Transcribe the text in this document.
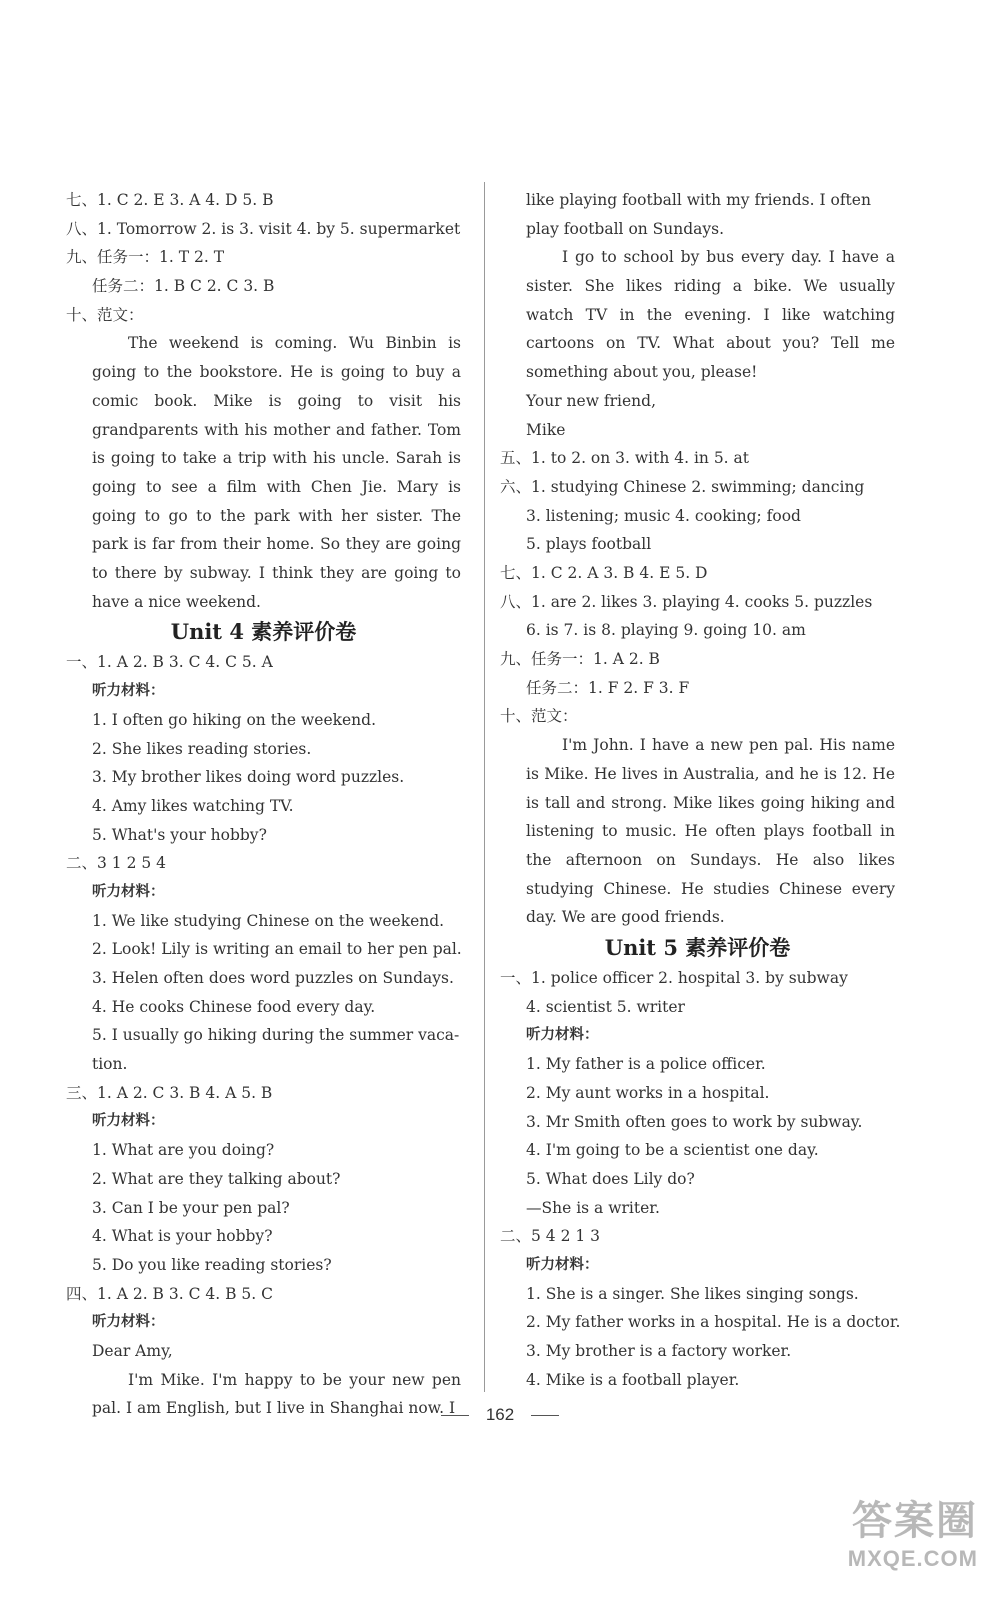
七、1. C 2. E 3. A 4. D 5. B
八、1. Tomorrow 2. is 3. visit 4. by 5. supermarket
九、任务一：1. T 2. T
任务二：1. B C 2. C 3. B
十、范文：
The weekend is coming. Wu Binbin is going to the bookstore. He is going to buy a comic book. Mike is going to visit his grandparents with his mother and father. Tom is going to take a trip with his uncle. Sarah is going to see a film with Chen Jie. Mary is going to go to the park with her sister. The park is far from their home. So they are going to there by subway. I think they are going to have a nice weekend.
Unit 4 素养评价卷
一、1. A 2. B 3. C 4. C 5. A
听力材料：
1. I often go hiking on the weekend.
2. She likes reading stories.
3. My brother likes doing word puzzles.
4. Amy likes watching TV.
5. What's your hobby?
二、3 1 2 5 4
听力材料：
1. We like studying Chinese on the weekend.
2. Look! Lily is writing an email to her pen pal.
3. Helen often does word puzzles on Sundays.
4. He cooks Chinese food every day.
5. I usually go hiking during the summer vaca-
tion.
三、1. A 2. C 3. B 4. A 5. B
听力材料：
1. What are you doing?
2. What are they talking about?
3. Can I be your pen pal?
4. What is your hobby?
5. Do you like reading stories?
四、1. A 2. B 3. C 4. B 5. C
听力材料：
Dear Amy,
I'm Mike. I'm happy to be your new pen pal. I am English, but I live in Shanghai now. I
like playing football with my friends. I often
play football on Sundays.
I go to school by bus every day. I have a sister. She likes riding a bike. We usually watch TV in the evening. I like watching cartoons on TV. What about you? Tell me something about you, please!
Your new friend,
Mike
五、1. to 2. on 3. with 4. in 5. at
六、1. studying Chinese 2. swimming; dancing
3. listening; music 4. cooking; food
5. plays football
七、1. C 2. A 3. B 4. E 5. D
八、1. are 2. likes 3. playing 4. cooks 5. puzzles
6. is 7. is 8. playing 9. going 10. am
九、任务一：1. A 2. B
任务二：1. F 2. F 3. F
十、范文：
I'm John. I have a new pen pal. His name is Mike. He lives in Australia, and he is 12. He is tall and strong. Mike likes going hiking and listening to music. He often plays football in the afternoon on Sundays. He also likes studying Chinese. He studies Chinese every day. We are good friends.
Unit 5 素养评价卷
一、1. police officer 2. hospital 3. by subway
4. scientist 5. writer
听力材料：
1. My father is a police officer.
2. My aunt works in a hospital.
3. Mr Smith often goes to work by subway.
4. I'm going to be a scientist one day.
5. What does Lily do?
—She is a writer.
二、5 4 2 1 3
听力材料：
1. She is a singer. She likes singing songs.
2. My father works in a hospital. He is a doctor.
3. My brother is a factory worker.
4. Mike is a football player.
162
答案圈
MXQE.COM
